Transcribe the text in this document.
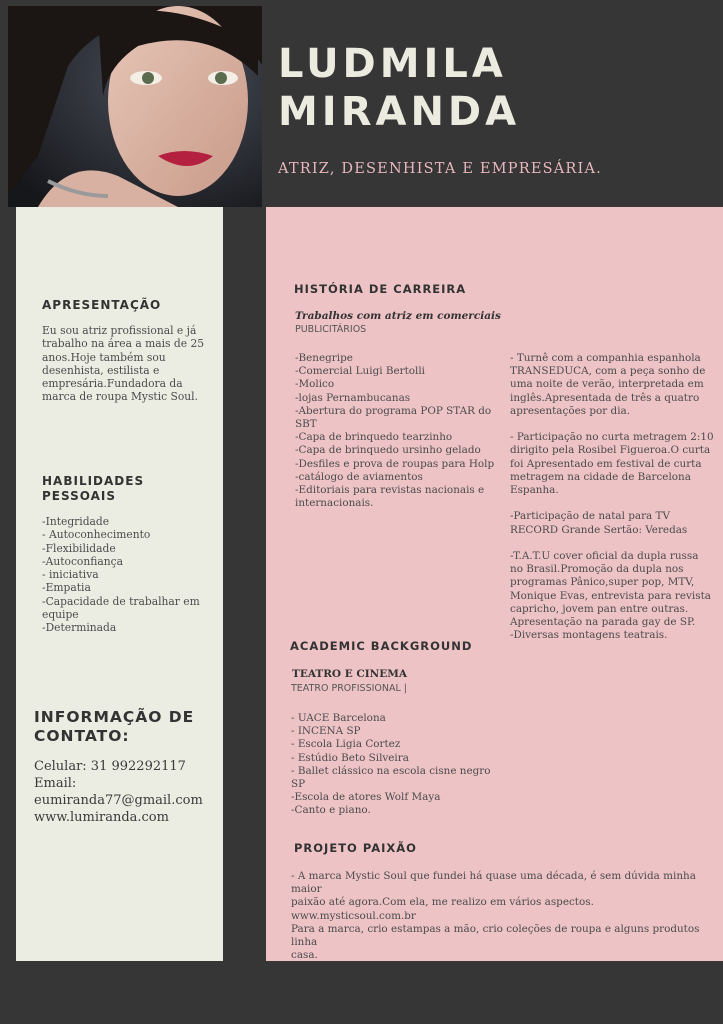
LUDMILA
MIRANDA
ATRIZ, DESENHISTA E EMPRESÁRIA.
APRESENTAÇÃO
Eu sou atriz profissional e já
trabalho na área a mais de 25
anos.Hoje também sou
desenhista, estilista e
empresária.Fundadora da
marca de roupa Mystic Soul.
HABILIDADES
PESSOAIS
-Integridade
- Autoconhecimento
-Flexibilidade
-Autoconfiança
- iniciativa
-Empatia
-Capacidade de trabalhar em
equipe
-Determinada
INFORMAÇÃO DE
CONTATO:
Celular: 31 992292117
Email:
eumiranda77@gmail.com
www.lumiranda.com
HISTÓRIA DE CARREIRA
Trabalhos com atriz em comerciais
PUBLICITÁRIOS
-Benegripe
-Comercial Luigi Bertolli
-Molico
-lojas Pernambucanas
-Abertura do programa POP STAR do
SBT
-Capa de brinquedo tearzinho
-Capa de brinquedo ursinho gelado
-Desfiles e prova de roupas para Holp
-catálogo de aviamentos
-Editoriais para revistas nacionais e
internacionais.
- Turnê com a companhia espanhola
TRANSEDUCA, com a peça sonho de
uma noite de verão, interpretada em
inglês.Apresentada de três a quatro
apresentações por dia.

- Participação no curta metragem 2:10
dirigito pela Rosibel Figueroa.O curta
foi Apresentado em festival de curta
metragem na cidade de Barcelona
Espanha.

-Participação de natal para TV
RECORD Grande Sertão: Veredas

-T.A.T.U cover oficial da dupla russa
no Brasil.Promoção da dupla nos
programas Pânico,super pop, MTV,
Monique Evas, entrevista para revista
capricho, jovem pan entre outras.
Apresentação na parada gay de SP.
-Diversas montagens teatrais.
ACADEMIC BACKGROUND
TEATRO E CINEMA
TEATRO PROFISSIONAL |
- UACE Barcelona
- INCENA SP
- Escola Ligia Cortez
- Estúdio Beto Silveira
- Ballet clássico na escola cisne negro
SP
-Escola de atores Wolf Maya
-Canto e piano.
PROJETO PAIXÃO
- A marca Mystic Soul que fundei há quase uma década, é sem dúvida minha maior
paixão até agora.Com ela, me realizo em vários aspectos. www.mysticsoul.com.br
Para a marca, crio estampas a mão, crio coleções de roupa e alguns produtos linha
casa.
